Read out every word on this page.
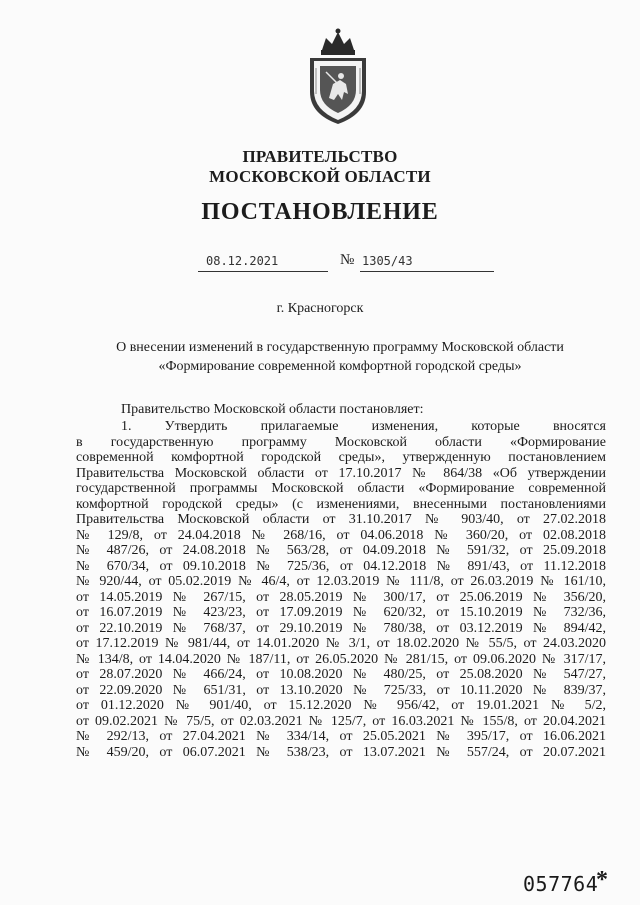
ПРАВИТЕЛЬСТВО
МОСКОВСКОЙ ОБЛАСТИ
ПОСТАНОВЛЕНИЕ
08.12.2021	№ 1305/43
г. Красногорск
О внесении изменений в государственную программу Московской области
«Формирование современной комфортной городской среды»
Правительство Московской области постановляет:
1. Утвердить прилагаемые изменения, которые вносятся
в государственную программу Московской области «Формирование
современной комфортной городской среды», утвержденную постановлением
Правительства Московской области от 17.10.2017 № 864/38 «Об утверждении
государственной программы Московской области «Формирование современной
комфортной городской среды» (с изменениями, внесенными постановлениями
Правительства Московской области от 31.10.2017 № 903/40, от 27.02.2018
№ 129/8, от 24.04.2018 № 268/16, от 04.06.2018 № 360/20, от 02.08.2018
№ 487/26, от 24.08.2018 № 563/28, от 04.09.2018 № 591/32, от 25.09.2018
№ 670/34, от 09.10.2018 № 725/36, от 04.12.2018 № 891/43, от 11.12.2018
№ 920/44, от 05.02.2019 № 46/4, от 12.03.2019 № 111/8, от 26.03.2019 № 161/10,
от 14.05.2019 № 267/15, от 28.05.2019 № 300/17, от 25.06.2019 № 356/20,
от 16.07.2019 № 423/23, от 17.09.2019 № 620/32, от 15.10.2019 № 732/36,
от 22.10.2019 № 768/37, от 29.10.2019 № 780/38, от 03.12.2019 № 894/42,
от 17.12.2019 № 981/44, от 14.01.2020 № 3/1, от 18.02.2020 № 55/5, от 24.03.2020
№ 134/8, от 14.04.2020 № 187/11, от 26.05.2020 № 281/15, от 09.06.2020 № 317/17,
от 28.07.2020 № 466/24, от 10.08.2020 № 480/25, от 25.08.2020 № 547/27,
от 22.09.2020 № 651/31, от 13.10.2020 № 725/33, от 10.11.2020 № 839/37,
от 01.12.2020 № 901/40, от 15.12.2020 № 956/42, от 19.01.2021 № 5/2,
от 09.02.2021 № 75/5, от 02.03.2021 № 125/7, от 16.03.2021 № 155/8, от 20.04.2021
№ 292/13, от 27.04.2021 № 334/14, от 25.05.2021 № 395/17, от 16.06.2021
№ 459/20, от 06.07.2021 № 538/23, от 13.07.2021 № 557/24, от 20.07.2021
057764
*
